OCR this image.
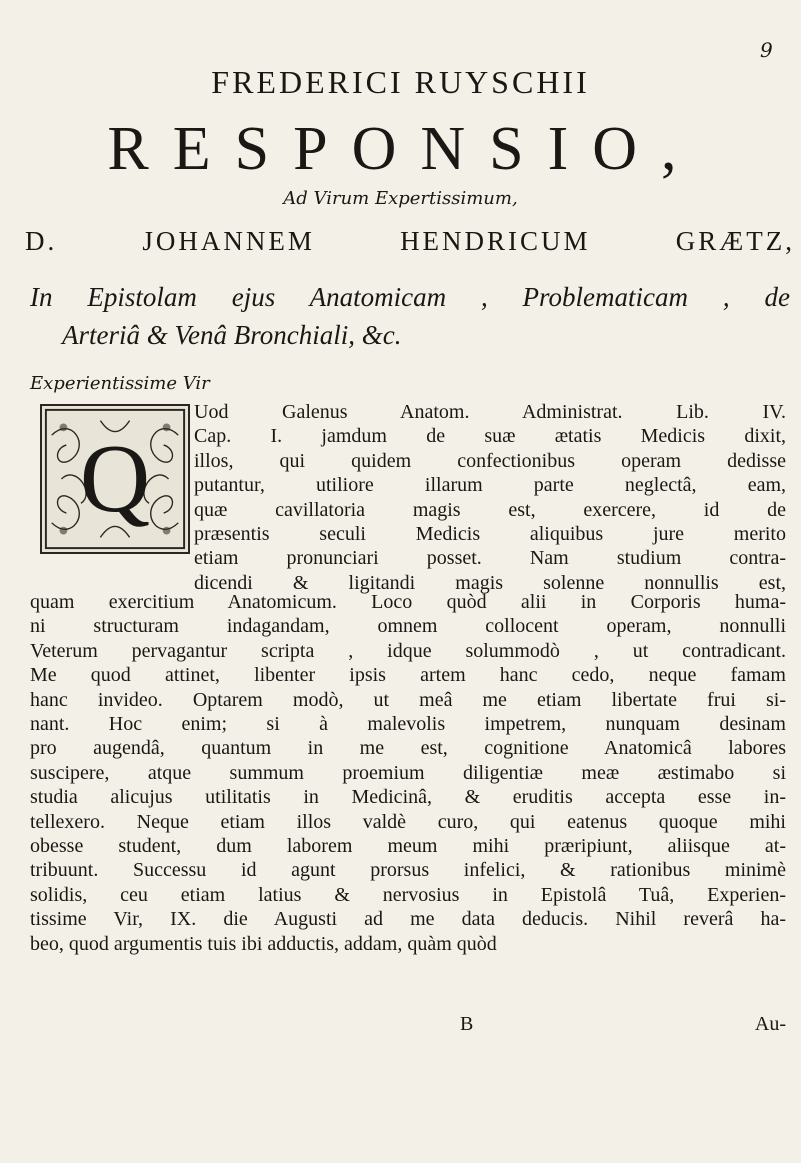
9
FREDERICI RUYSCHII
RESPONSIO,
Ad Virum Expertissimum,
D.	JOHANNEM	HENDRICUM	GRÆTZ,
In Epistolam ejus Anatomicam , Problematicam , de
Arteriâ & Venâ Bronchiali, &c.
Experientissime Vir
Q
Uod Galenus Anatom. Administrat. Lib. IV.
Cap. I. jamdum de suæ ætatis Medicis dixit,
illos, qui quidem confectionibus operam dedisse
putantur, utiliore illarum parte neglectâ, eam,
quæ cavillatoria magis est, exercere, id de
præsentis seculi Medicis aliquibus jure merito
etiam pronunciari posset. Nam studium contra-
dicendi & ligitandi magis solenne nonnullis est,
quam exercitium Anatomicum. Loco quòd alii in Corporis huma-
ni structuram indagandam, omnem collocent operam, nonnulli
Veterum pervagantur scripta , idque solummodò , ut contradicant.
Me quod attinet, libenter ipsis artem hanc cedo, neque famam
hanc invideo. Optarem modò, ut meâ me etiam libertate frui si-
nant. Hoc enim; si à malevolis impetrem, nunquam desinam
pro augendâ, quantum in me est, cognitione Anatomicâ labores
suscipere, atque summum proemium diligentiæ meæ æstimabo si
studia alicujus utilitatis in Medicinâ, & eruditis accepta esse in-
tellexero. Neque etiam illos valdè curo, qui eatenus quoque mihi
obesse student, dum laborem meum mihi præripiunt, aliisque at-
tribuunt. Successu id agunt prorsus infelici, & rationibus minimè
solidis, ceu etiam latius & nervosius in Epistolâ Tuâ, Experien-
tissime Vir, IX. die Augusti ad me data deducis. Nihil reverâ ha-
beo, quod argumentis tuis ibi adductis, addam, quàm quòd
B	Au-
